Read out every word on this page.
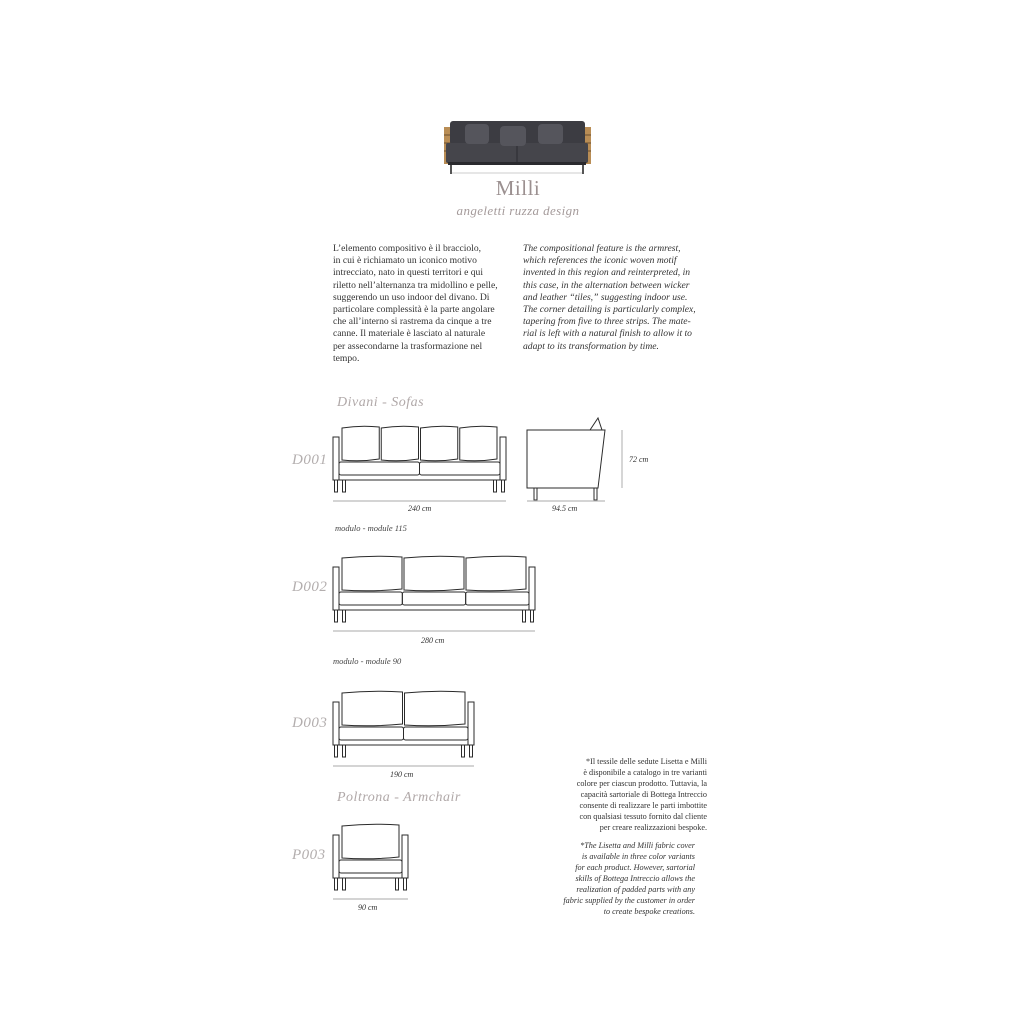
Milli
angeletti ruzza design
L’elemento compositivo è il bracciolo,
in cui è richiamato un iconico motivo
intrecciato, nato in questi territori e qui
riletto nell’alternanza tra midollino e pelle,
suggerendo un uso indoor del divano. Di
particolare complessità è la parte angolare
che all’interno si rastrema da cinque a tre
canne. Il materiale è lasciato al naturale
per assecondarne la trasformazione nel
tempo.
The compositional feature is the armrest,
which references the iconic woven motif
invented in this region and reinterpreted, in
this case, in the alternation between wicker
and leather “tiles,” suggesting indoor use.
The corner detailing is particularly complex,
tapering from five to three strips. The mate-
rial is left with a natural finish to allow it to
adapt to its transformation by time.
Divani - Sofas
D001
240 cm	94.5 cm
72 cm
modulo - module 115
D002
280 cm
modulo - module 90
D003
190 cm
Poltrona - Armchair
P003
90 cm
*Il tessile delle sedute Lisetta e Milli
è disponibile a catalogo in tre varianti
colore per ciascun prodotto. Tuttavia, la
capacità sartoriale di Bottega Intreccio
consente di realizzare le parti imbottite
con qualsiasi tessuto fornito dal cliente
per creare realizzazioni bespoke.
*The Lisetta and Milli fabric cover
is available in three color variants
for each product. However, sartorial
skills of Bottega Intreccio allows the
realization of padded parts with any
fabric supplied by the customer in order
to create bespoke creations.
